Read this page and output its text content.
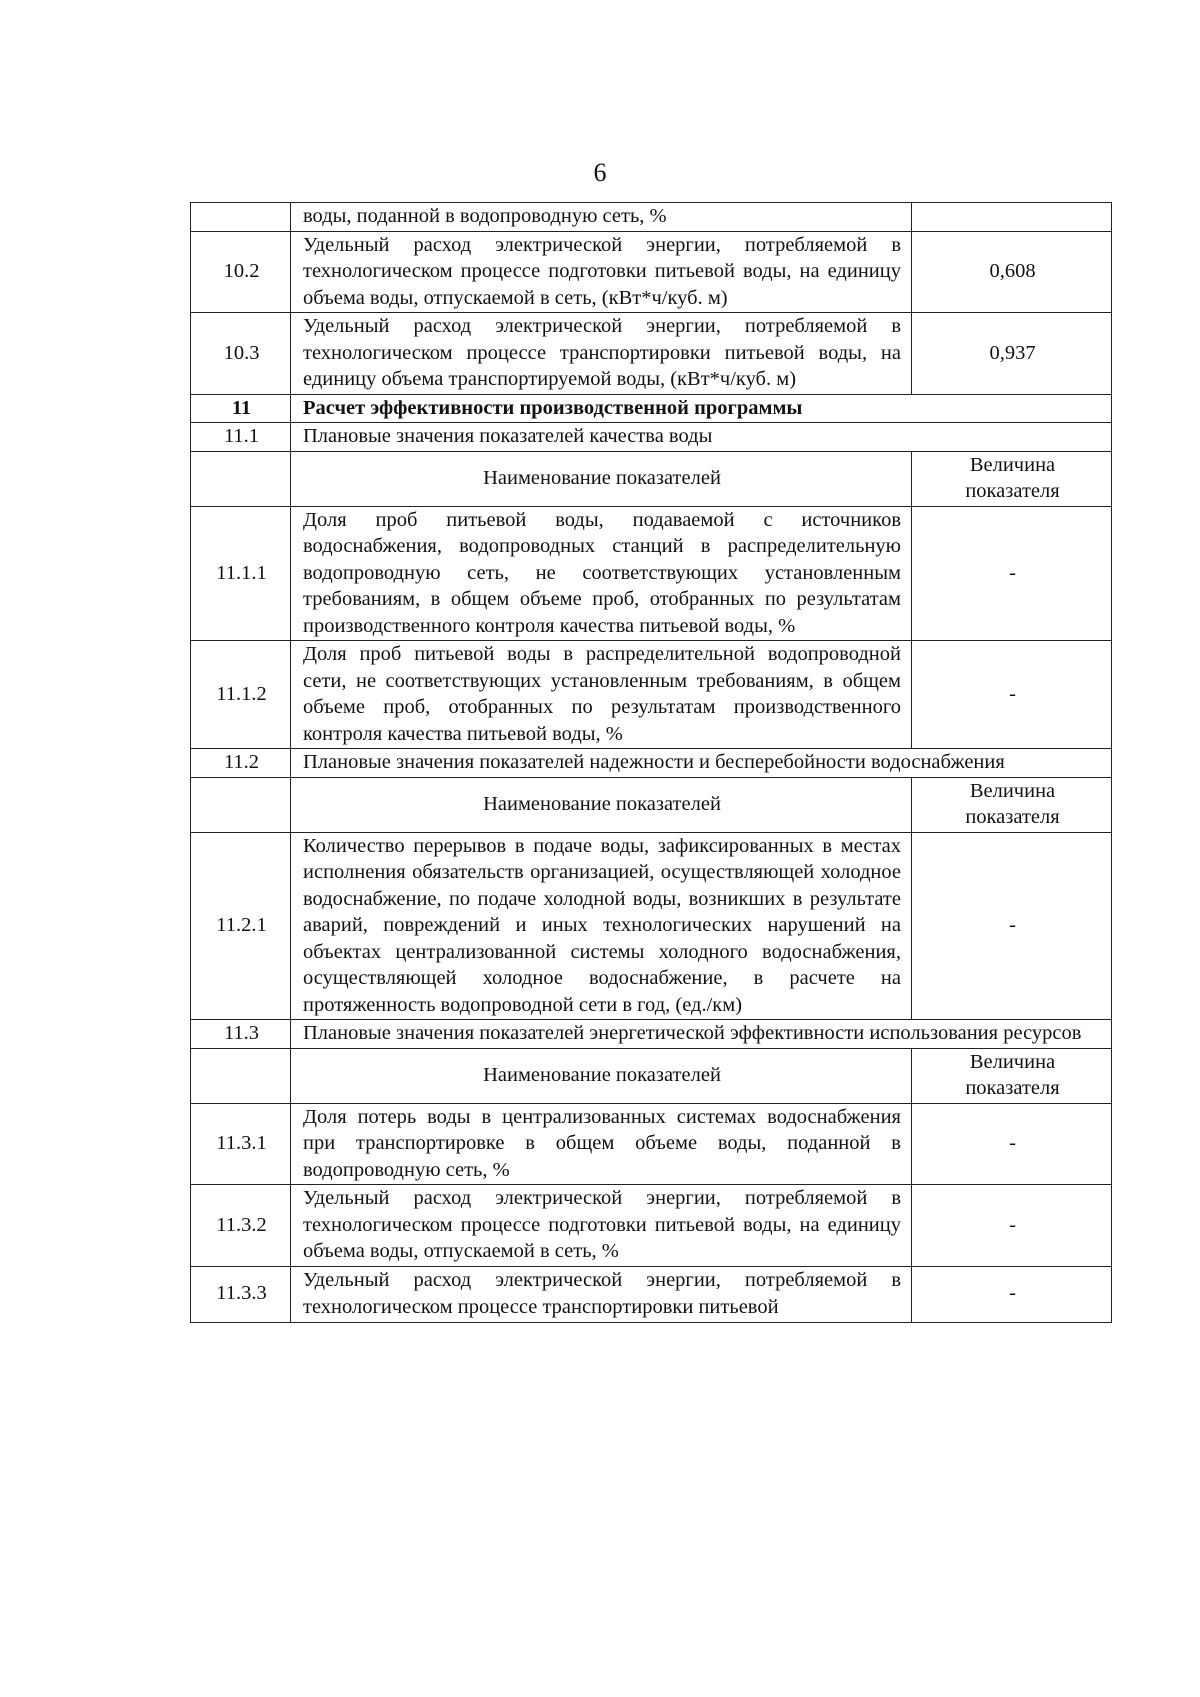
6
	воды, поданной в водопроводную сеть, %	
10.2	Удельный расход электрической энергии, потребляемой в технологическом процессе подготовки питьевой воды, на единицу объема воды, отпускаемой в сеть, (кВт*ч/куб. м)	0,608
10.3	Удельный расход электрической энергии, потребляемой в технологическом процессе транспортировки питьевой воды, на единицу объема транспортируемой воды, (кВт*ч/куб. м)	0,937
11	Расчет эффективности производственной программы	
11.1	Плановые значения показателей качества воды	
	Наименование показателей	Величина показателя
11.1.1	Доля проб питьевой воды, подаваемой с источников водоснабжения, водопроводных станций в распределительную водопроводную сеть, не соответствующих установленным требованиям, в общем объеме проб, отобранных по результатам производственного контроля качества питьевой воды, %	-
11.1.2	Доля проб питьевой воды в распределительной водопроводной сети, не соответствующих установленным требованиям, в общем объеме проб, отобранных по результатам производственного контроля качества питьевой воды, %	-
11.2	Плановые значения показателей надежности и бесперебойности водоснабжения	
	Наименование показателей	Величина показателя
11.2.1	Количество перерывов в подаче воды, зафиксированных в местах исполнения обязательств организацией, осуществляющей холодное водоснабжение, по подаче холодной воды, возникших в результате аварий, повреждений и иных технологических нарушений на объектах централизованной системы холодного водоснабжения, осуществляющей холодное водоснабжение, в расчете на протяженность водопроводной сети в год, (ед./км)	-
11.3	Плановые значения показателей энергетической эффективности использования ресурсов	
	Наименование показателей	Величина показателя
11.3.1	Доля потерь воды в централизованных системах водоснабжения при транспортировке в общем объеме воды, поданной в водопроводную сеть, %	-
11.3.2	Удельный расход электрической энергии, потребляемой в технологическом процессе подготовки питьевой воды, на единицу объема воды, отпускаемой в сеть, %	-
11.3.3	Удельный расход электрической энергии, потребляемой в технологическом процессе транспортировки питьевой	-
